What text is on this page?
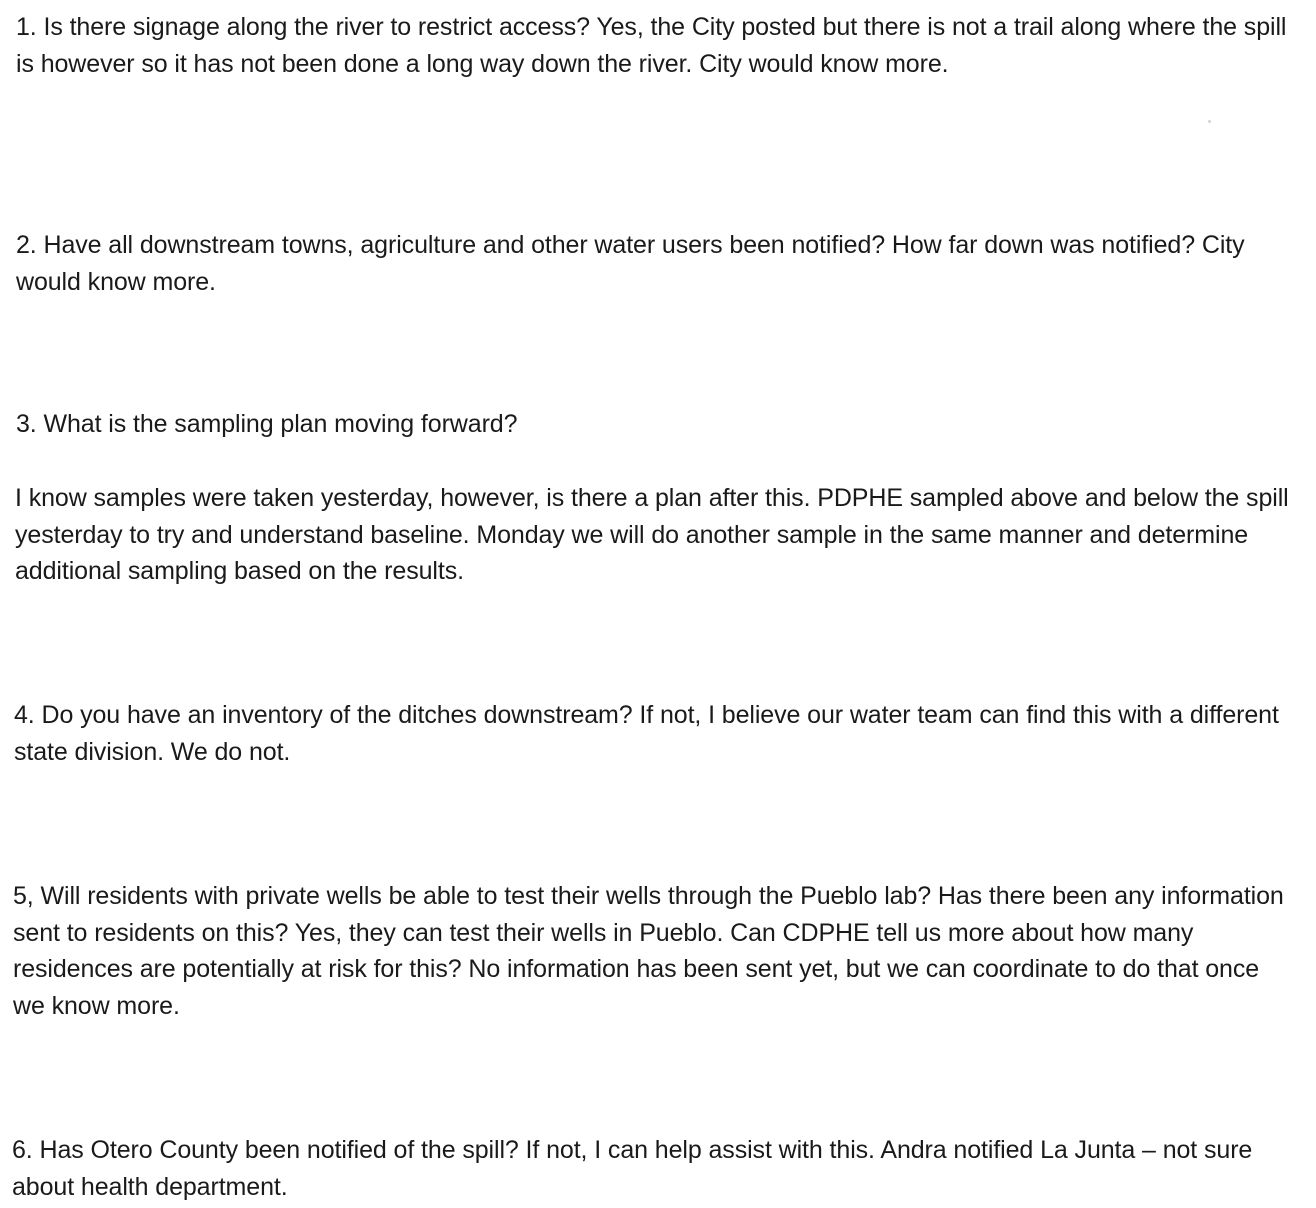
1. Is there signage along the river to restrict access? Yes, the City posted but there is not a trail along where the spill is however so it has not been done a long way down the river. City would know more.

2. Have all downstream towns, agriculture and other water users been notified? How far down was notified? City would know more.

3. What is the sampling plan moving forward?

I know samples were taken yesterday, however, is there a plan after this. PDPHE sampled above and below the spill yesterday to try and understand baseline. Monday we will do another sample in the same manner and determine additional sampling based on the results.

4. Do you have an inventory of the ditches downstream? If not, I believe our water team can find this with a different state division. We do not.

5, Will residents with private wells be able to test their wells through the Pueblo lab? Has there been any information sent to residents on this? Yes, they can test their wells in Pueblo. Can CDPHE tell us more about how many residences are potentially at risk for this? No information has been sent yet, but we can coordinate to do that once we know more.

6. Has Otero County been notified of the spill? If not, I can help assist with this. Andra notified La Junta – not sure about health department.
